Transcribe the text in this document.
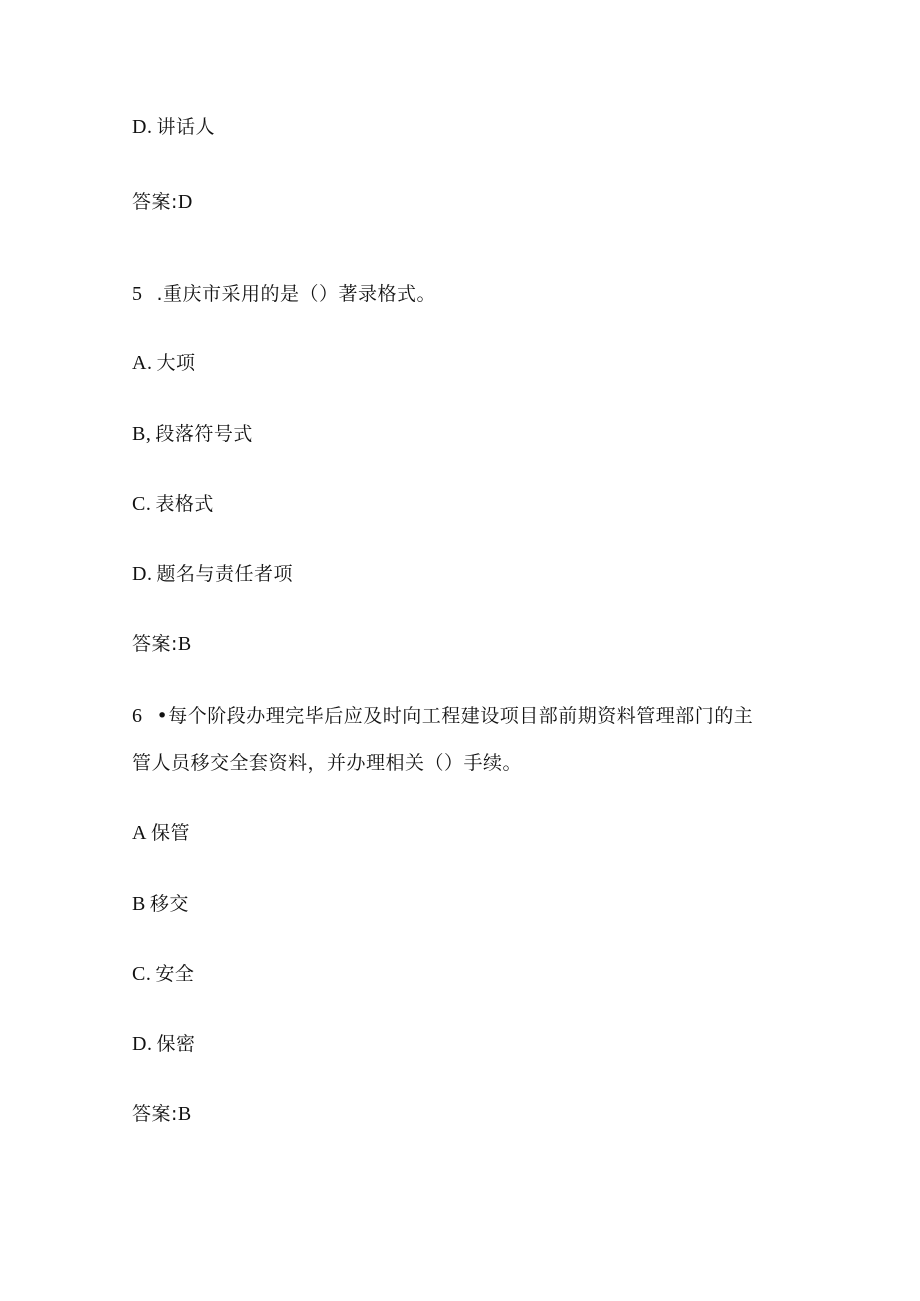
D. 讲话人
答案:D
5 .重庆市采用的是（）著录格式。
A. 大项
B, 段落符号式
C. 表格式
D. 题名与责任者项
答案:B
6 •每个阶段办理完毕后应及时向工程建设项目部前期资料管理部门的主
管人员移交全套资料，并办理相关（）手续。
A 保管
B 移交
C. 安全
D. 保密
答案:B
